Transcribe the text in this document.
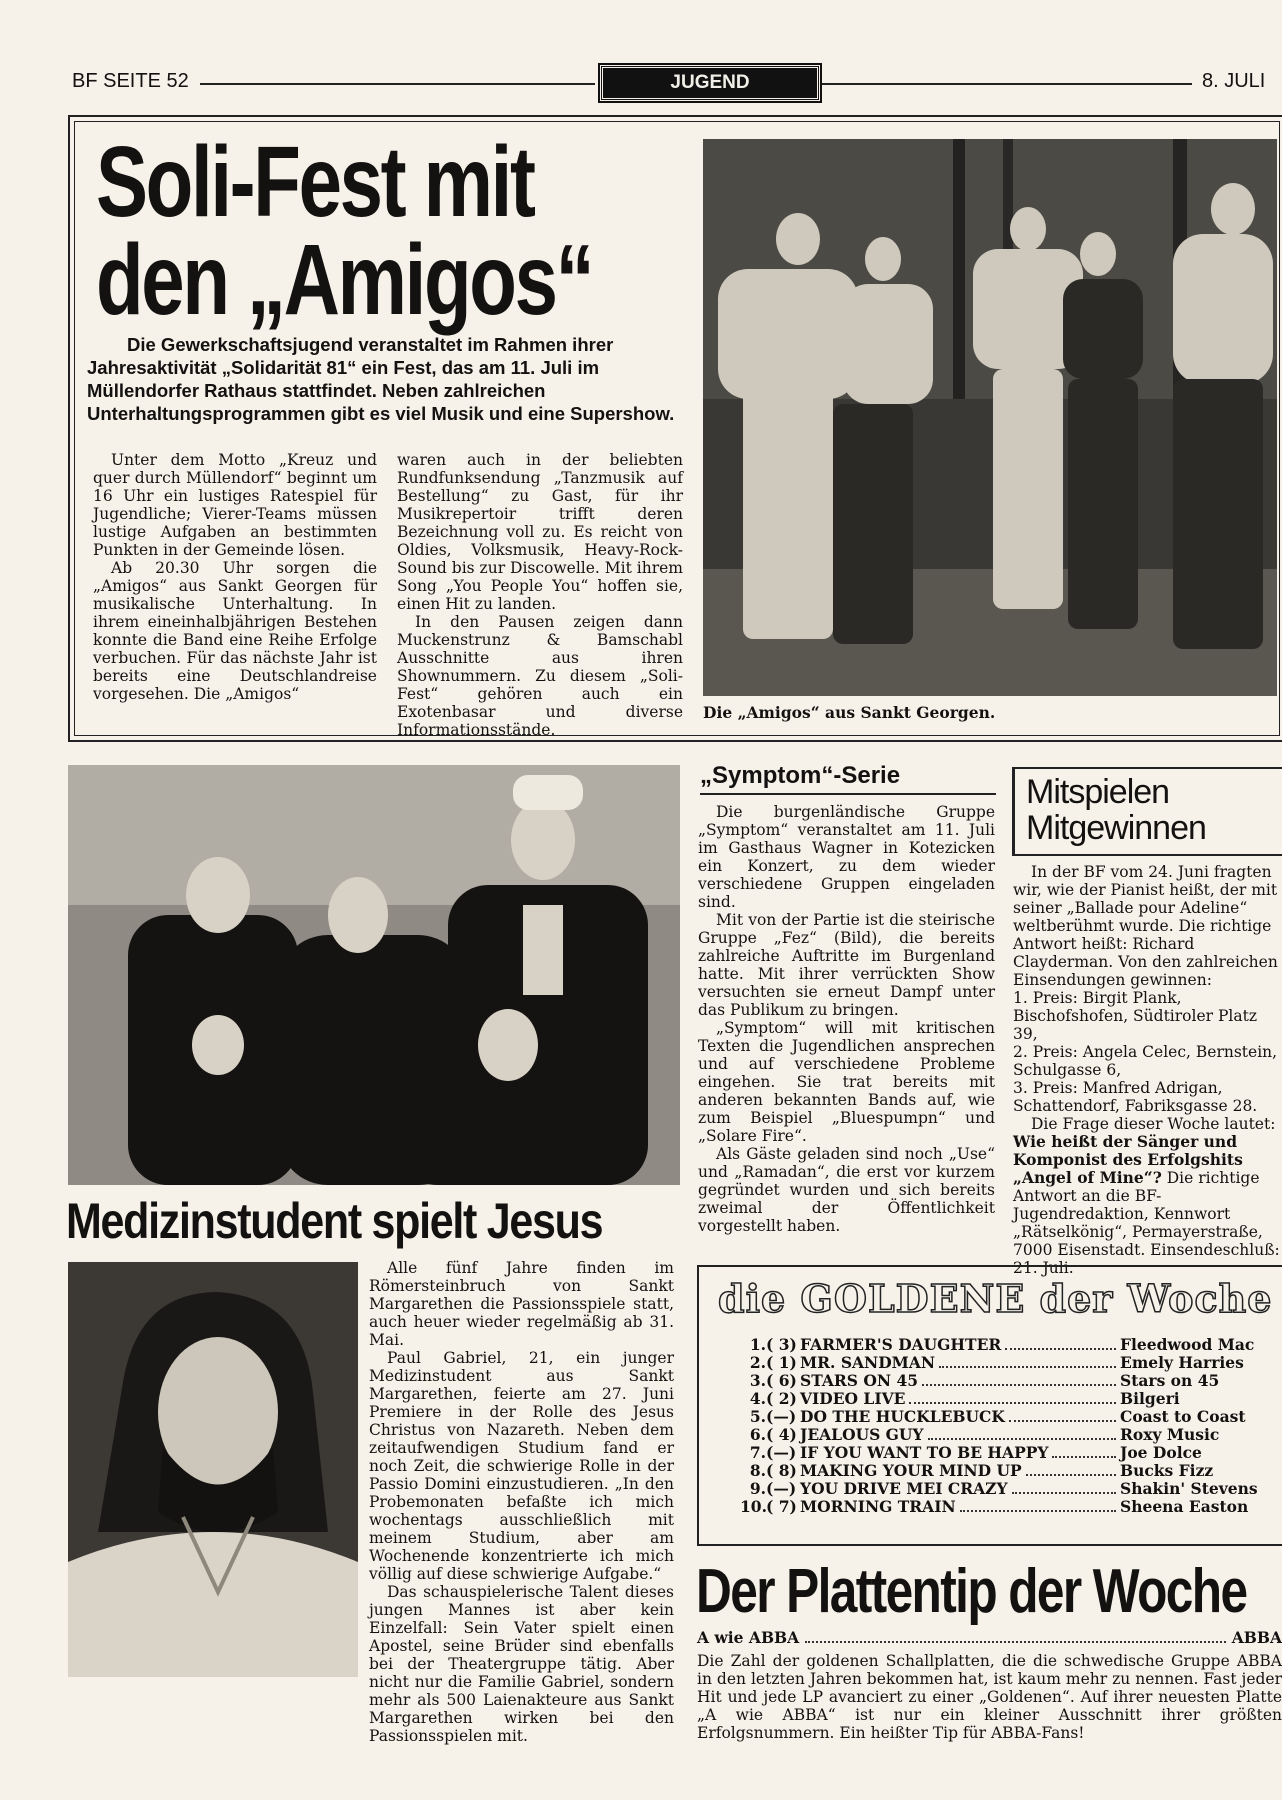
BF SEITE 52	JUGEND	8. JULI
Soli-Fest mit
den „Amigos“
Die Gewerkschaftsjugend veranstaltet im Rahmen ihrer Jahresaktivität „Solidarität 81“ ein Fest, das am 11. Juli im Müllendorfer Rathaus stattfindet. Neben zahlreichen Unterhaltungsprogrammen gibt es viel Musik und eine Supershow.

Unter dem Motto „Kreuz und quer durch Müllendorf“ beginnt um 16 Uhr ein lustiges Ratespiel für Jugendliche; Vierer-Teams müssen lustige Aufgaben an bestimmten Punkten in der Gemeinde lösen.

Ab 20.30 Uhr sorgen die „Amigos“ aus Sankt Georgen für musikalische Unterhaltung. In ihrem eineinhalbjährigen Bestehen konnte die Band eine Reihe Erfolge verbuchen. Für das nächste Jahr ist bereits eine Deutschlandreise vorgesehen. Die „Amigos“

waren auch in der beliebten Rundfunksendung „Tanzmusik auf Bestellung“ zu Gast, für ihr Musikrepertoir trifft deren Bezeichnung voll zu. Es reicht von Oldies, Volksmusik, Heavy-Rock-Sound bis zur Discowelle. Mit ihrem Song „You People You“ hoffen sie, einen Hit zu landen.

In den Pausen zeigen dann Muckenstrunz & Bamschabl Ausschnitte aus ihren Shownummern. Zu diesem „Soli-Fest“ gehören auch ein Exotenbasar und diverse Informationsstände.

Die „Amigos“ aus Sankt Georgen.
„Symptom“-Serie

Die burgenländische Gruppe „Symptom“ veranstaltet am 11. Juli im Gasthaus Wagner in Kotezicken ein Konzert, zu dem wieder verschiedene Gruppen eingeladen sind.

Mit von der Partie ist die steirische Gruppe „Fez“ (Bild), die bereits zahlreiche Auftritte im Burgenland hatte. Mit ihrer verrückten Show versuchten sie erneut Dampf unter das Publikum zu bringen.

„Symptom“ will mit kritischen Texten die Jugendlichen ansprechen und auf verschiedene Probleme eingehen. Sie trat bereits mit anderen bekannten Bands auf, wie zum Beispiel „Bluespumpn“ und „Solare Fire“.

Als Gäste geladen sind noch „Use“ und „Ramadan“, die erst vor kurzem gegründet wurden und sich bereits zweimal der Öffentlichkeit vorgestellt haben.

Mitspielen
Mitgewinnen

In der BF vom 24. Juni fragten wir, wie der Pianist heißt, der mit seiner „Ballade pour Adeline“ weltberühmt wurde. Die richtige Antwort heißt: Richard Clayderman. Von den zahlreichen Einsendungen gewinnen:

1. Preis: Birgit Plank, Bischofshofen, Südtiroler Platz 39,

2. Preis: Angela Celec, Bernstein, Schulgasse 6,

3. Preis: Manfred Adrigan, Schattendorf, Fabriksgasse 28.

Die Frage dieser Woche lautet: Wie heißt der Sänger und Komponist des Erfolgshits „Angel of Mine“? Die richtige Antwort an die BF-Jugendredaktion, Kennwort „Rätselkönig“, Permayerstraße, 7000 Eisenstadt. Einsendeschluß: 21. Juli.

Medizinstudent spielt Jesus

Alle fünf Jahre finden im Römersteinbruch von Sankt Margarethen die Passionsspiele statt, auch heuer wieder regelmäßig ab 31. Mai.

Paul Gabriel, 21, ein junger Medizinstudent aus Sankt Margarethen, feierte am 27. Juni Premiere in der Rolle des Jesus Christus von Nazareth. Neben dem zeitaufwendigen Studium fand er noch Zeit, die schwierige Rolle in der Passio Domini einzustudieren. „In den Probemonaten befaßte ich mich wochentags ausschließlich mit meinem Studium, aber am Wochenende konzentrierte ich mich völlig auf diese schwierige Aufgabe.“

Das schauspielerische Talent dieses jungen Mannes ist aber kein Einzelfall: Sein Vater spielt einen Apostel, seine Brüder sind ebenfalls bei der Theatergruppe tätig. Aber nicht nur die Familie Gabriel, sondern mehr als 500 Laienakteure aus Sankt Margarethen wirken bei den Passionsspielen mit.

die GOLDENE der Woche
1. ( 3) FARMER'S DAUGHTER	Fleedwood Mac
2. ( 1) MR. SANDMAN	Emely Harries
3. ( 6) STARS ON 45	Stars on 45
4. ( 2) VIDEO LIVE	Bilgeri
5. (—) DO THE HUCKLEBUCK	Coast to Coast
6. ( 4) JEALOUS GUY	Roxy Music
7. (—) IF YOU WANT TO BE HAPPY	Joe Dolce
8. ( 8) MAKING YOUR MIND UP	Bucks Fizz
9. (—) YOU DRIVE MEI CRAZY	Shakin' Stevens
10. ( 7) MORNING TRAIN	Sheena Easton
Der Plattentip der Woche
A wie ABBA	ABBA

Die Zahl der goldenen Schallplatten, die die schwedische Gruppe ABBA in den letzten Jahren bekommen hat, ist kaum mehr zu nennen. Fast jeder Hit und jede LP avanciert zu einer „Goldenen“. Auf ihrer neuesten Platte „A wie ABBA“ ist nur ein kleiner Ausschnitt ihrer größten Erfolgsnummern. Ein heißter Tip für ABBA-Fans!
